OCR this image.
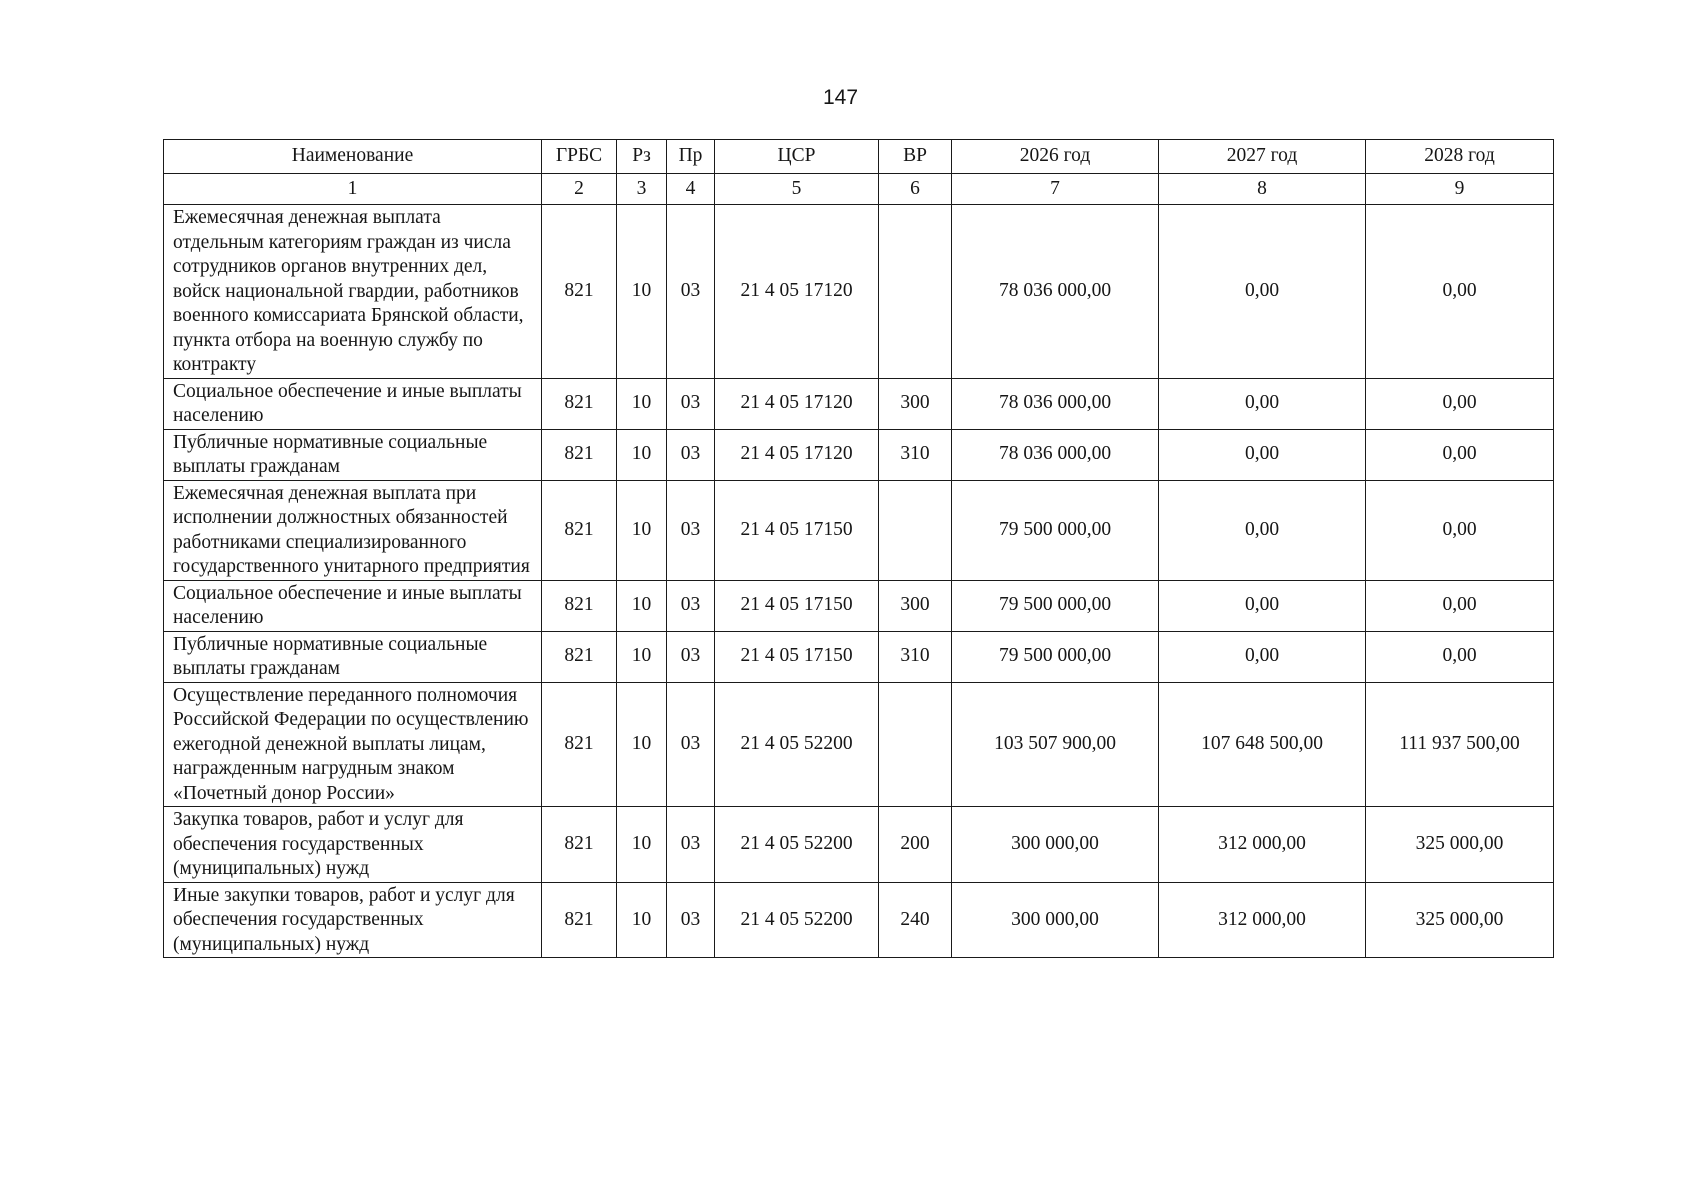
147
Наименование	ГРБС	Рз	Пр	ЦСР	ВР	2026 год	2027 год	2028 год
1	2	3	4	5	6	7	8	9
Ежемесячная денежная выплата отдельным категориям граждан из числа сотрудников органов внутренних дел, войск национальной гвардии, работников военного комиссариата Брянской области, пункта отбора на военную службу по контракту	821	10	03	21 4 05 17120		78 036 000,00	0,00	0,00
Социальное обеспечение и иные выплаты населению	821	10	03	21 4 05 17120	300	78 036 000,00	0,00	0,00
Публичные нормативные социальные выплаты гражданам	821	10	03	21 4 05 17120	310	78 036 000,00	0,00	0,00
Ежемесячная денежная выплата при исполнении должностных обязанностей работниками специализированного государственного унитарного предприятия	821	10	03	21 4 05 17150		79 500 000,00	0,00	0,00
Социальное обеспечение и иные выплаты населению	821	10	03	21 4 05 17150	300	79 500 000,00	0,00	0,00
Публичные нормативные социальные выплаты гражданам	821	10	03	21 4 05 17150	310	79 500 000,00	0,00	0,00
Осуществление переданного полномочия Российской Федерации по осуществлению ежегодной денежной выплаты лицам, награжденным нагрудным знаком «Почетный донор России»	821	10	03	21 4 05 52200		103 507 900,00	107 648 500,00	111 937 500,00
Закупка товаров, работ и услуг для обеспечения государственных (муниципальных) нужд	821	10	03	21 4 05 52200	200	300 000,00	312 000,00	325 000,00
Иные закупки товаров, работ и услуг для обеспечения государственных (муниципальных) нужд	821	10	03	21 4 05 52200	240	300 000,00	312 000,00	325 000,00
